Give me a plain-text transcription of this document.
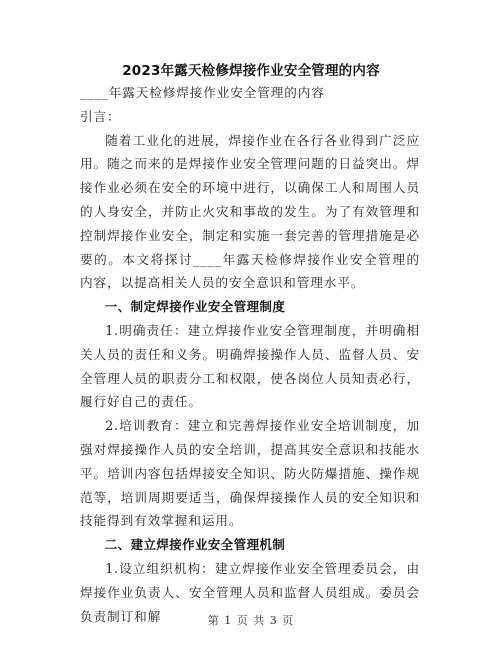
2023年露天检修焊接作业安全管理的内容
____年露天检修焊接作业安全管理的内容
引言：

随着工业化的进展，焊接作业在各行各业得到广泛应用。随之而来的是焊接作业安全管理问题的日益突出。焊接作业必须在安全的环境中进行，以确保工人和周围人员的人身安全，并防止火灾和事故的发生。为了有效管理和控制焊接作业安全，制定和实施一套完善的管理措施是必要的。本文将探讨____年露天检修焊接作业安全管理的内容，以提高相关人员的安全意识和管理水平。

一、制定焊接作业安全管理制度

1.明确责任：建立焊接作业安全管理制度，并明确相关人员的责任和义务。明确焊接操作人员、监督人员、安全管理人员的职责分工和权限，使各岗位人员知责必行，履行好自己的责任。

2.培训教育：建立和完善焊接作业安全培训制度，加强对焊接操作人员的安全培训，提高其安全意识和技能水平。培训内容包括焊接安全知识、防火防爆措施、操作规范等，培训周期要适当，确保焊接操作人员的安全知识和技能得到有效掌握和运用。

二、建立焊接作业安全管理机制

1.设立组织机构：建立焊接作业安全管理委员会，由焊接作业负责人、安全管理人员和监督人员组成。委员会负责制订和解	第 1 页 共 3 页
